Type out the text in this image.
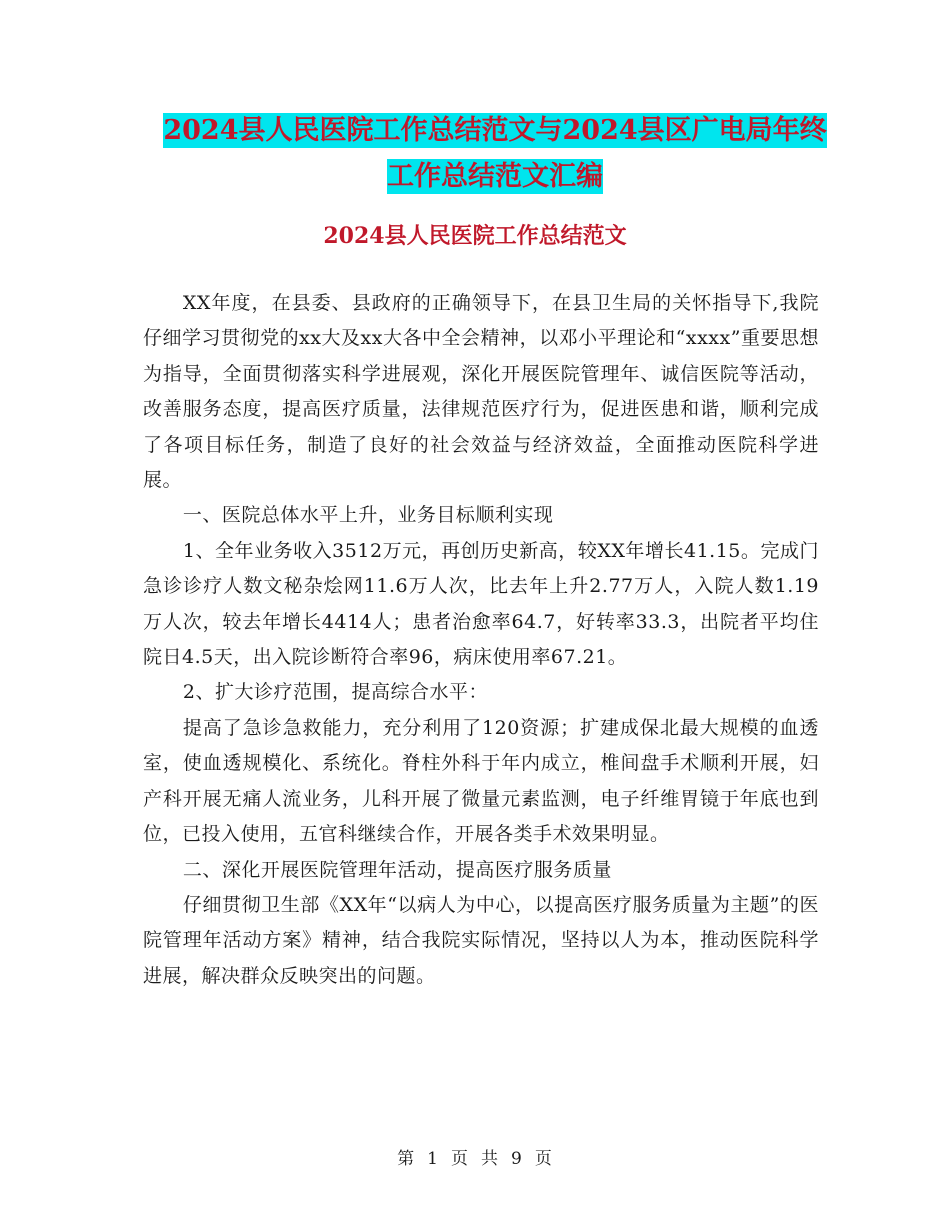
2024县人民医院工作总结范文与2024县区广电局年终
工作总结范文汇编
2024县人民医院工作总结范文

XX年度，在县委、县政府的正确领导下，在县卫生局的关怀指导下,我院仔细学习贯彻党的xx大及xx大各中全会精神，以邓小平理论和“xxxx”重要思想为指导，全面贯彻落实科学进展观，深化开展医院管理年、诚信医院等活动，改善服务态度，提高医疗质量，法律规范医疗行为，促进医患和谐，顺利完成了各项目标任务，制造了良好的社会效益与经济效益，全面推动医院科学进展。

一、医院总体水平上升，业务目标顺利实现

1、全年业务收入3512万元，再创历史新高，较XX年增长41.15。完成门急诊诊疗人数文秘杂烩网11.6万人次，比去年上升2.77万人，入院人数1.19万人次，较去年增长4414人；患者治愈率64.7，好转率33.3，出院者平均住院日4.5天，出入院诊断符合率96，病床使用率67.21。

2、扩大诊疗范围，提高综合水平：

提高了急诊急救能力，充分利用了120资源；扩建成保北最大规模的血透室，使血透规模化、系统化。脊柱外科于年内成立，椎间盘手术顺利开展，妇产科开展无痛人流业务，儿科开展了微量元素监测，电子纤维胃镜于年底也到位，已投入使用，五官科继续合作，开展各类手术效果明显。

二、深化开展医院管理年活动，提高医疗服务质量

仔细贯彻卫生部《XX年“以病人为中心，以提高医疗服务质量为主题”的医院管理年活动方案》精神，结合我院实际情况，坚持以人为本，推动医院科学进展，解决群众反映突出的问题。

第 1 页 共 9 页
